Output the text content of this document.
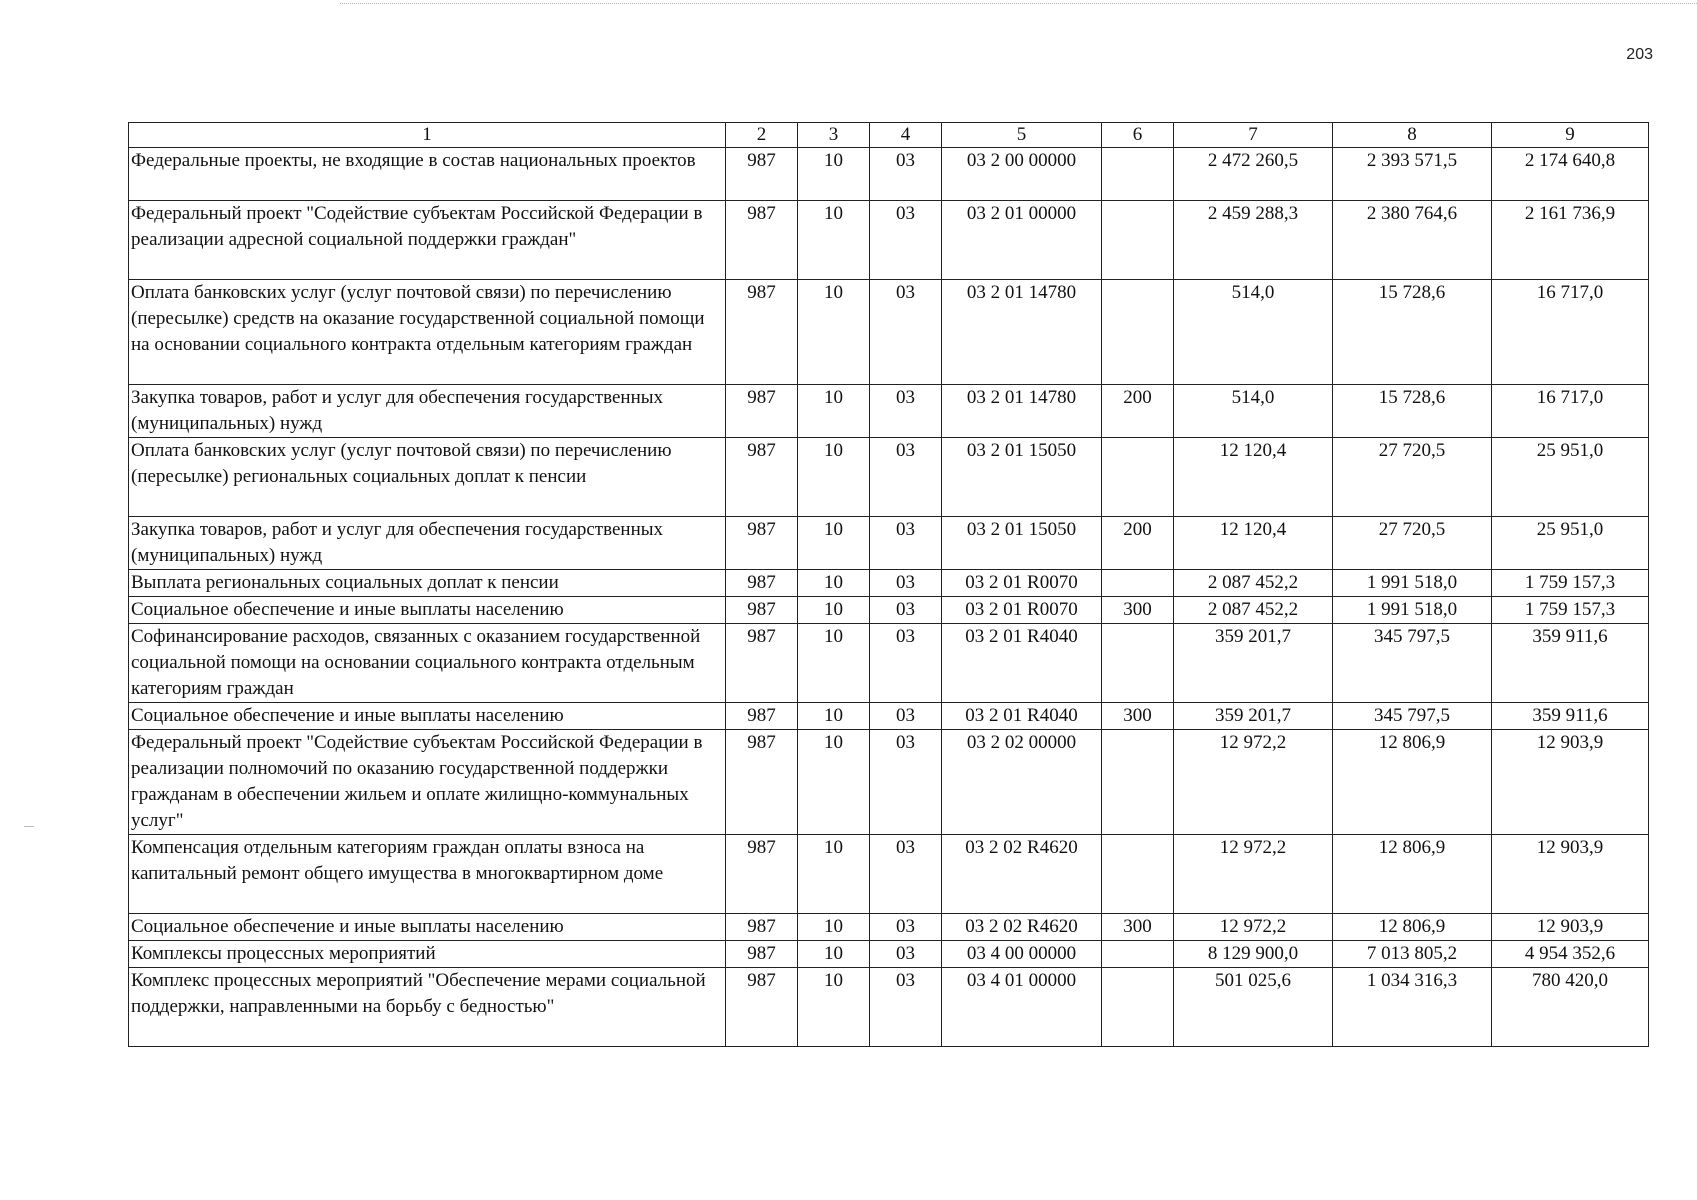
203
1	2	3	4	5	6	7	8	9
Федеральные проекты, не входящие в состав национальных проектов	987	10	03	03 2 00 00000		2 472 260,5	2 393 571,5	2 174 640,8
Федеральный проект "Содействие субъектам Российской Федерации в реализации адресной социальной поддержки граждан"	987	10	03	03 2 01 00000		2 459 288,3	2 380 764,6	2 161 736,9
Оплата банковских услуг (услуг почтовой связи) по перечислению (пересылке) средств на оказание государственной социальной помощи на основании социального контракта отдельным категориям граждан	987	10	03	03 2 01 14780		514,0	15 728,6	16 717,0
Закупка товаров, работ и услуг для обеспечения государственных (муниципальных) нужд	987	10	03	03 2 01 14780	200	514,0	15 728,6	16 717,0
Оплата банковских услуг (услуг почтовой связи) по перечислению (пересылке) региональных социальных доплат к пенсии	987	10	03	03 2 01 15050		12 120,4	27 720,5	25 951,0
Закупка товаров, работ и услуг для обеспечения государственных (муниципальных) нужд	987	10	03	03 2 01 15050	200	12 120,4	27 720,5	25 951,0
Выплата региональных социальных доплат к пенсии	987	10	03	03 2 01 R0070		2 087 452,2	1 991 518,0	1 759 157,3
Социальное обеспечение и иные выплаты населению	987	10	03	03 2 01 R0070	300	2 087 452,2	1 991 518,0	1 759 157,3
Софинансирование расходов, связанных с оказанием государственной социальной помощи на основании социального контракта отдельным категориям граждан	987	10	03	03 2 01 R4040		359 201,7	345 797,5	359 911,6
Социальное обеспечение и иные выплаты населению	987	10	03	03 2 01 R4040	300	359 201,7	345 797,5	359 911,6
Федеральный проект "Содействие субъектам Российской Федерации в реализации полномочий по оказанию государственной поддержки гражданам в обеспечении жильем и оплате жилищно-коммунальных услуг"	987	10	03	03 2 02 00000		12 972,2	12 806,9	12 903,9
Компенсация отдельным категориям граждан оплаты взноса на капитальный ремонт общего имущества в многоквартирном доме	987	10	03	03 2 02 R4620		12 972,2	12 806,9	12 903,9
Социальное обеспечение и иные выплаты населению	987	10	03	03 2 02 R4620	300	12 972,2	12 806,9	12 903,9
Комплексы процессных мероприятий	987	10	03	03 4 00 00000		8 129 900,0	7 013 805,2	4 954 352,6
Комплекс процессных мероприятий "Обеспечение мерами социальной поддержки, направленными на борьбу с бедностью"	987	10	03	03 4 01 00000		501 025,6	1 034 316,3	780 420,0
